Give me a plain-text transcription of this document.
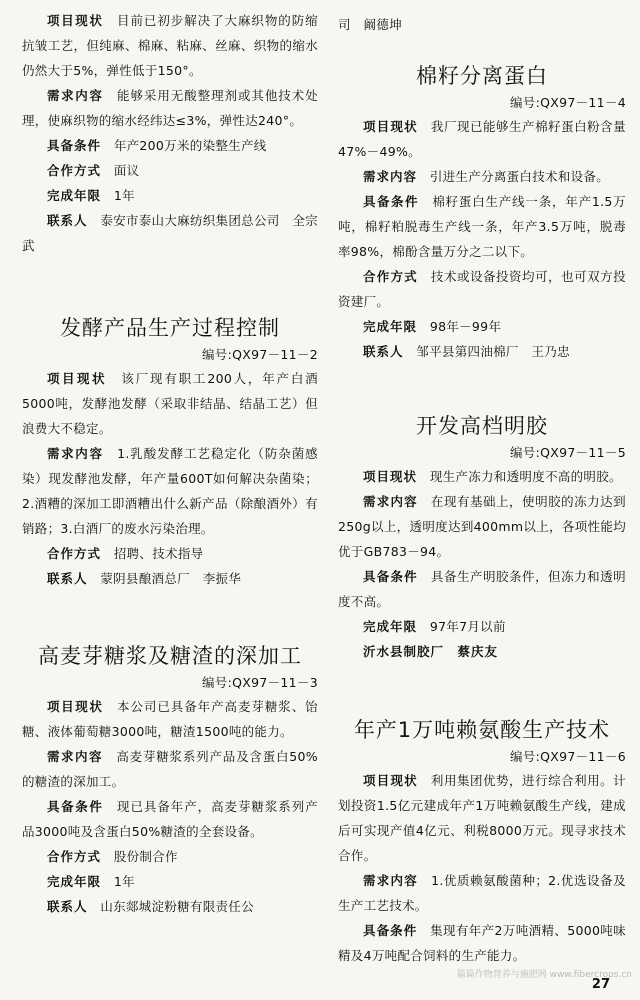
项目现状　 目前已初步解决了大麻织物的防缩抗皱工艺，但纯麻、棉麻、粘麻、丝麻、织物的缩水仍然大于5%，弹性低于150°。

需求内容　 能够采用无酸整理剂或其他技术处理，使麻织物的缩水经纬达≤3%，弹性达240°。

具备条件　 年产200万米的染整生产线

合作方式　 面议

完成年限　 1年

联系人　 泰安市泰山大麻纺织集团总公司　全宗武

发酵产品生产过程控制

编号:QX97－11－2

项目现状　 该厂现有职工200人，年产白酒5000吨，发酵池发酵（采取非结晶、结晶工艺）但浪费大不稳定。

需求内容　 1.乳酸发酵工艺稳定化（防杂菌感染）现发酵池发酵，年产量600T如何解决杂菌染；2.酒糟的深加工即酒糟出什么新产品（除酿酒外）有销路；3.白酒厂的废水污染治理。

合作方式　 招聘、技术指导

联系人　 蒙阴县酿酒总厂　李振华

高麦芽糖浆及糖渣的深加工

编号:QX97－11－3

项目现状　 本公司已具备年产高麦芽糖浆、饴糖、液体葡萄糖3000吨，糖渣1500吨的能力。

需求内容　 高麦芽糖浆系列产品及含蛋白50%的糖渣的深加工。

具备条件　 现已具备年产，高麦芽糖浆系列产品3000吨及含蛋白50%糖渣的全套设备。

合作方式　 股份制合作

完成年限　 1年

联系人　 山东郯城淀粉糖有限责任公

司　阚德坤

棉籽分离蛋白

编号:QX97－11－4

项目现状　 我厂现已能够生产棉籽蛋白粉含量47%－49%。

需求内容　 引进生产分离蛋白技术和设备。

具备条件　 棉籽蛋白生产线一条，年产1.5万吨，棉籽粕脱毒生产线一条，年产3.5万吨，脱毒率98%，棉酚含量万分之二以下。

合作方式　 技术或设备投资均可，也可双方投资建厂。

完成年限　 98年－99年

联系人　 邹平县第四油棉厂　王乃忠

开发高档明胶

编号:QX97－11－5

项目现状　 现生产冻力和透明度不高的明胶。

需求内容　 在现有基础上，使明胶的冻力达到250g以上，透明度达到400mm以上，各项性能均优于GB783－94。

具备条件　 具备生产明胶条件，但冻力和透明度不高。

完成年限　 97年7月以前

沂水县制胶厂　蔡庆友

年产1万吨赖氨酸生产技术

编号:QX97－11－6

项目现状　 利用集团优势，进行综合利用。计划投资1.5亿元建成年产1万吨赖氨酸生产线，建成后可实现产值4亿元、利税8000万元。现寻求技术合作。

需求内容　 1.优质赖氨酸菌种；2.优选设备及生产工艺技术。

具备条件　 集现有年产2万吨酒精、5000吨味精及4万吨配合饲料的生产能力。

篇篇作物营养与施肥网 www.fibercrops.cn
27
